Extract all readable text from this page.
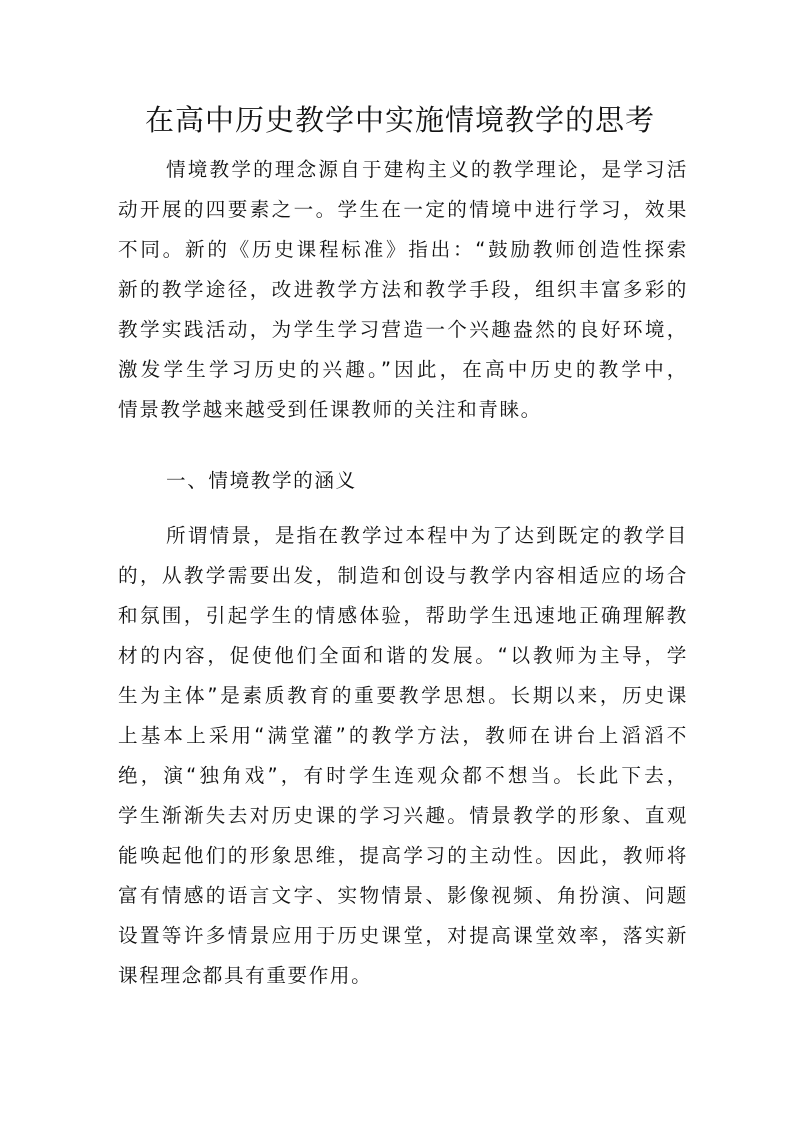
在高中历史教学中实施情境教学的思考
情境教学的理念源自于建构主义的教学理论，是学习活
动开展的四要素之一。学生在一定的情境中进行学习，效果
不同。新的《历史课程标准》指出：“鼓励教师创造性探索
新的教学途径，改进教学方法和教学手段，组织丰富多彩的
教学实践活动，为学生学习营造一个兴趣盎然的良好环境，
激发学生学习历史的兴趣。”因此，在高中历史的教学中，
情景教学越来越受到任课教师的关注和青睐。
一、情境教学的涵义
所谓情景，是指在教学过本程中为了达到既定的教学目
的，从教学需要出发，制造和创设与教学内容相适应的场合
和氛围，引起学生的情感体验，帮助学生迅速地正确理解教
材的内容，促使他们全面和谐的发展。“以教师为主导，学
生为主体”是素质教育的重要教学思想。长期以来，历史课
上基本上采用“满堂灌”的教学方法，教师在讲台上滔滔不
绝，演“独角戏”，有时学生连观众都不想当。长此下去，
学生渐渐失去对历史课的学习兴趣。情景教学的形象、直观
能唤起他们的形象思维，提高学习的主动性。因此，教师将
富有情感的语言文字、实物情景、影像视频、角扮演、问题
设置等许多情景应用于历史课堂，对提高课堂效率，落实新
课程理念都具有重要作用。
